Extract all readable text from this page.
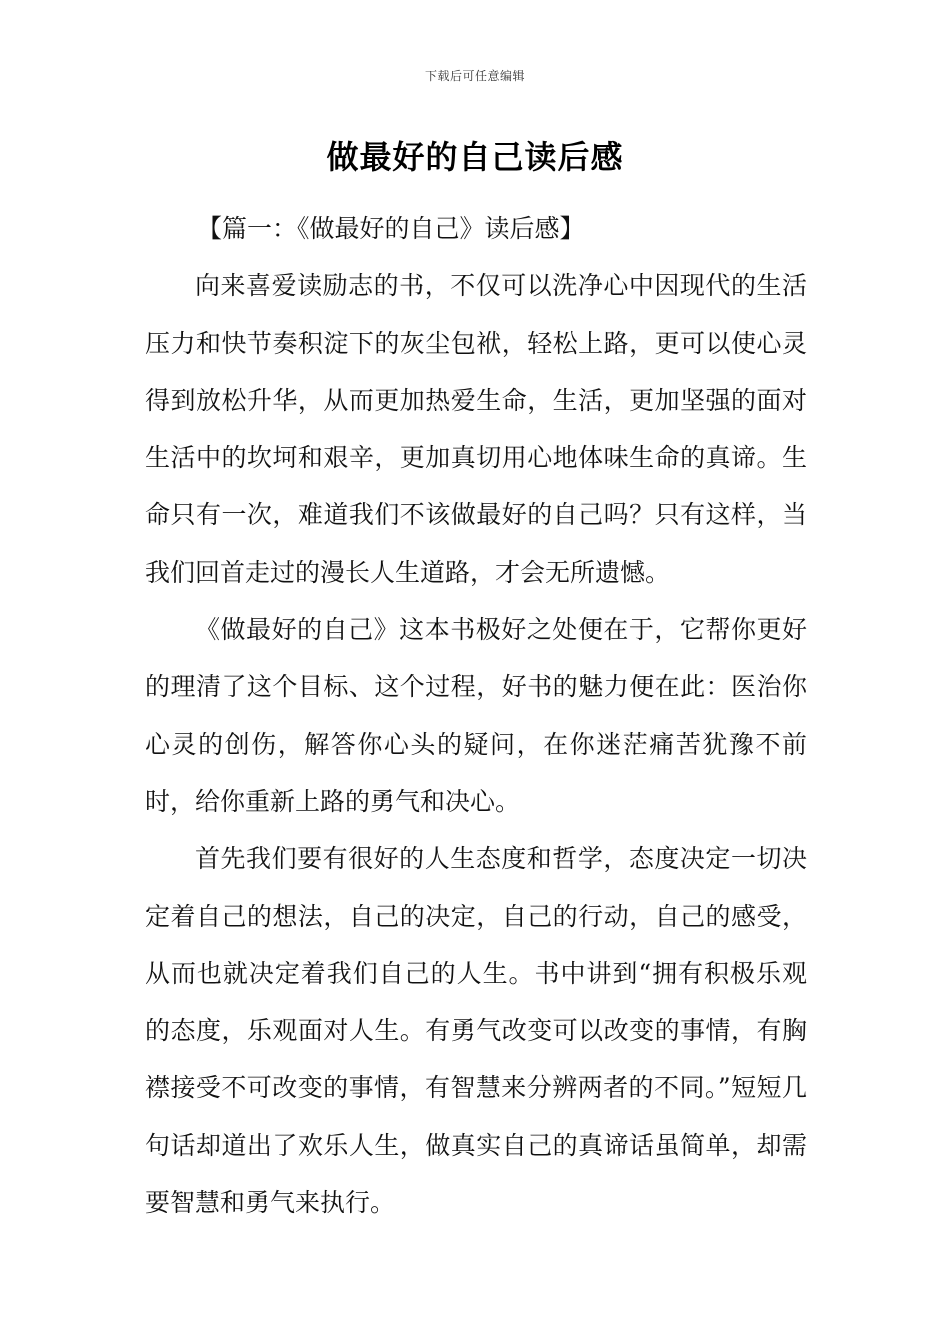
下载后可任意编辑
做最好的自己读后感
【篇一：《做最好的自己》读后感】

向来喜爱读励志的书，不仅可以洗净心中因现代的生活压力和快节奏积淀下的灰尘包袱，轻松上路，更可以使心灵得到放松升华，从而更加热爱生命，生活，更加坚强的面对生活中的坎坷和艰辛，更加真切用心地体味生命的真谛。生命只有一次，难道我们不该做最好的自己吗？只有这样，当我们回首走过的漫长人生道路，才会无所遗憾。

《做最好的自己》这本书极好之处便在于，它帮你更好的理清了这个目标、这个过程，好书的魅力便在此：医治你心灵的创伤，解答你心头的疑问，在你迷茫痛苦犹豫不前时，给你重新上路的勇气和决心。

首先我们要有很好的人生态度和哲学，态度决定一切决定着自己的想法，自己的决定，自己的行动，自己的感受，从而也就决定着我们自己的人生。书中讲到“拥有积极乐观的态度，乐观面对人生。有勇气改变可以改变的事情，有胸襟接受不可改变的事情，有智慧来分辨两者的不同。”短短几句话却道出了欢乐人生，做真实自己的真谛话虽简单，却需要智慧和勇气来执行。
